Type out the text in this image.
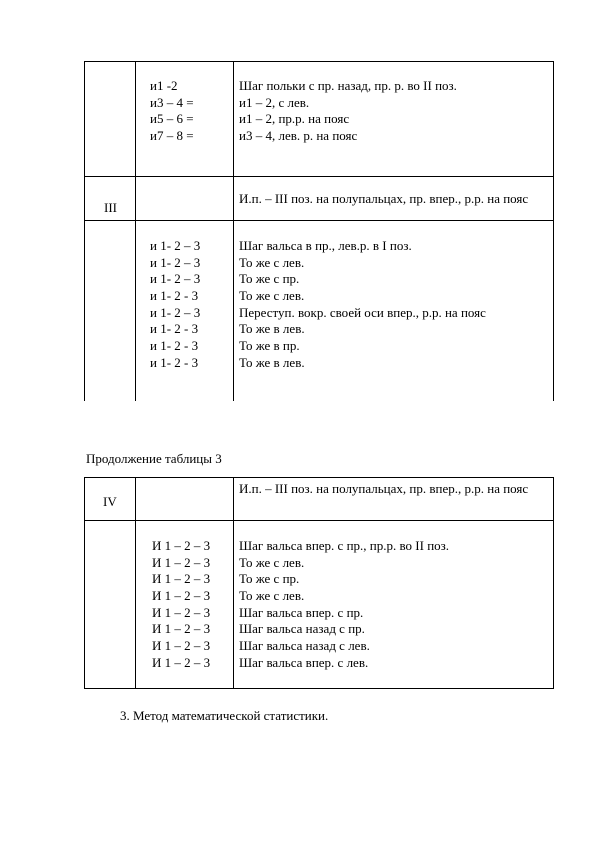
и1 -2
и3 – 4 =
и5 – 6 =
и7 – 8 =
Шаг польки с пр. назад, пр. р. во II поз.
и1 – 2, с лев.
и1 – 2, пр.р. на пояс
и3 – 4, лев. р. на пояс
III
И.п. – III поз. на полупальцах, пр. впер., р.р. на пояс
и 1- 2 – 3
и 1- 2 – 3
и 1- 2 – 3
и 1- 2 - 3
и 1- 2 – 3
и 1- 2 - 3
и 1- 2 - 3
и 1- 2 - 3
Шаг вальса в пр., лев.р. в I поз.
То же с лев.
То же с пр.
То же с лев.
Переступ. вокр. своей оси впер., р.р. на пояс
То же в лев.
То же в пр.
То же в лев.
Продолжение таблицы 3
IV
И.п. – III поз. на полупальцах, пр. впер., р.р. на пояс
И 1 – 2 – 3
И 1 – 2 – 3
И 1 – 2 – 3
И 1 – 2 – 3
И 1 – 2 – 3
И 1 – 2 – 3
И 1 – 2 – 3
И 1 – 2 – 3
Шаг вальса впер. с пр., пр.р. во II поз.
То же с лев.
То же с пр.
То же с лев.
Шаг вальса впер. с пр.
Шаг вальса назад с пр.
Шаг вальса назад с лев.
Шаг вальса впер. с лев.
3. Метод математической статистики.
